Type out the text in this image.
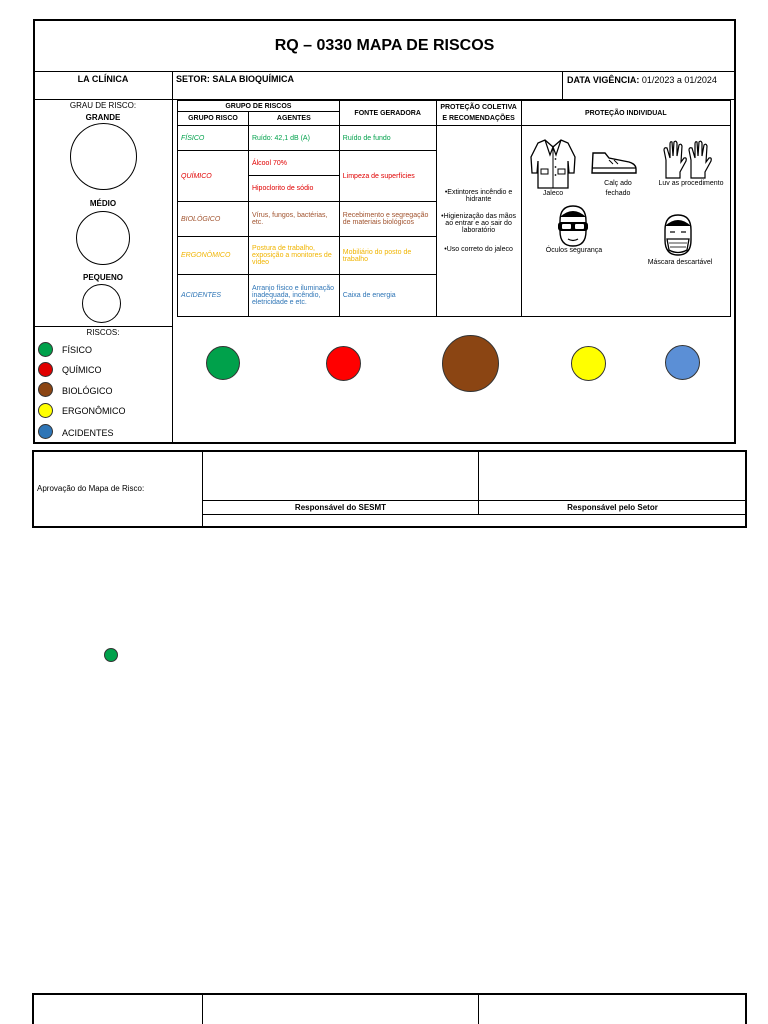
RQ – 0330 MAPA DE RISCOS
LA CLÍNICA	SETOR: SALA BIOQUÍMICA	DATA VIGÊNCIA: 01/2023 a 01/2024
GRAU DE RISCO:
GRANDE
MÉDIO
PEQUENO
RISCOS:
FÍSICO
QUÍMICO
BIOLÓGICO
ERGONÔMICO
ACIDENTES
GRUPO DE RISCOS		FONTE GERADORA	PROTEÇÃO COLETIVA E RECOMENDAÇÕES	PROTEÇÃO INDIVIDUAL
GRUPO RISCO	AGENTES			
FÍSICO	Ruído: 42,1 dB (A)	Ruído de fundo	•Extintores incêndio e hidrante
•Higienização das mãos ao entrar e ao sair do laboratório
•Uso correto do jaleco	

QUÍMICO	Álcool 70%	Limpeza de superfícies		
	Hipoclorito de sódio			
BIOLÓGICO	Vírus, fungos, bactérias, etc.	Recebimento e segregação de materiais biológicos		
ERGONÔMICO	Postura de trabalho, exposição a monitores de vídeo	Mobiliário do posto de trabalho		
ACIDENTES	Arranjo físico e iluminação inadequada, incêndio, eletricidade e etc.	Caixa de energia		
Jaleco
Calç ado fechado
Luv as procedimento
Óculos segurança
Máscara descartável
Aprovação do Mapa de Risco:
Responsável do SESMT	Responsável pelo Setor
